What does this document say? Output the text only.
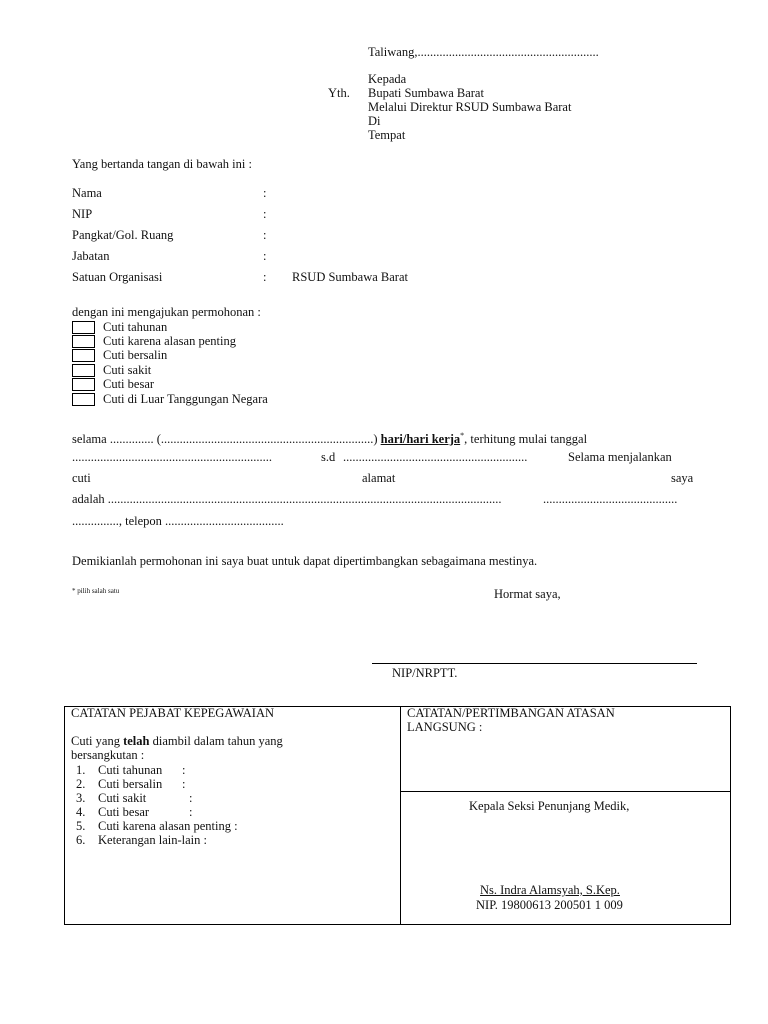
Taliwang,..........................................................
Kepada
Yth. Bupati Sumbawa Barat
Melalui Direktur RSUD Sumbawa Barat
Di
Tempat
Yang bertanda tangan di bawah ini :
Nama	:
NIP	:
Pangkat/Gol. Ruang	:
Jabatan	:
Satuan Organisasi	: RSUD Sumbawa Barat
dengan ini mengajukan permohonan :
Cuti tahunan
Cuti karena alasan penting
Cuti bersalin
Cuti sakit
Cuti besar
Cuti di Luar Tanggungan Negara
selama .............. (....................................................................) hari/hari kerja*, terhitung mulai tanggal
................................................................	s.d ...........................................................	Selama menjalankan
cuti	alamat	saya
adalah ..............................................................................................................................	...........................................
..............., telepon ......................................
Demikianlah permohonan ini saya buat untuk dapat dipertimbangkan sebagaimana mestinya.
* pilih salah satu	Hormat saya,
NIP/NRPTT.
CATATAN PEJABAT KEPEGAWAIAN
Cuti yang telah diambil dalam tahun yang
bersangkutan :
1. Cuti tahunan :
2. Cuti bersalin :
3. Cuti sakit	:
4. Cuti besar	:
5. Cuti karena alasan penting :
6. Keterangan lain-lain :
CATATAN/PERTIMBANGAN ATASAN
LANGSUNG :
Kepala Seksi Penunjang Medik,
Ns. Indra Alamsyah, S.Kep.
NIP. 19800613 200501 1 009
